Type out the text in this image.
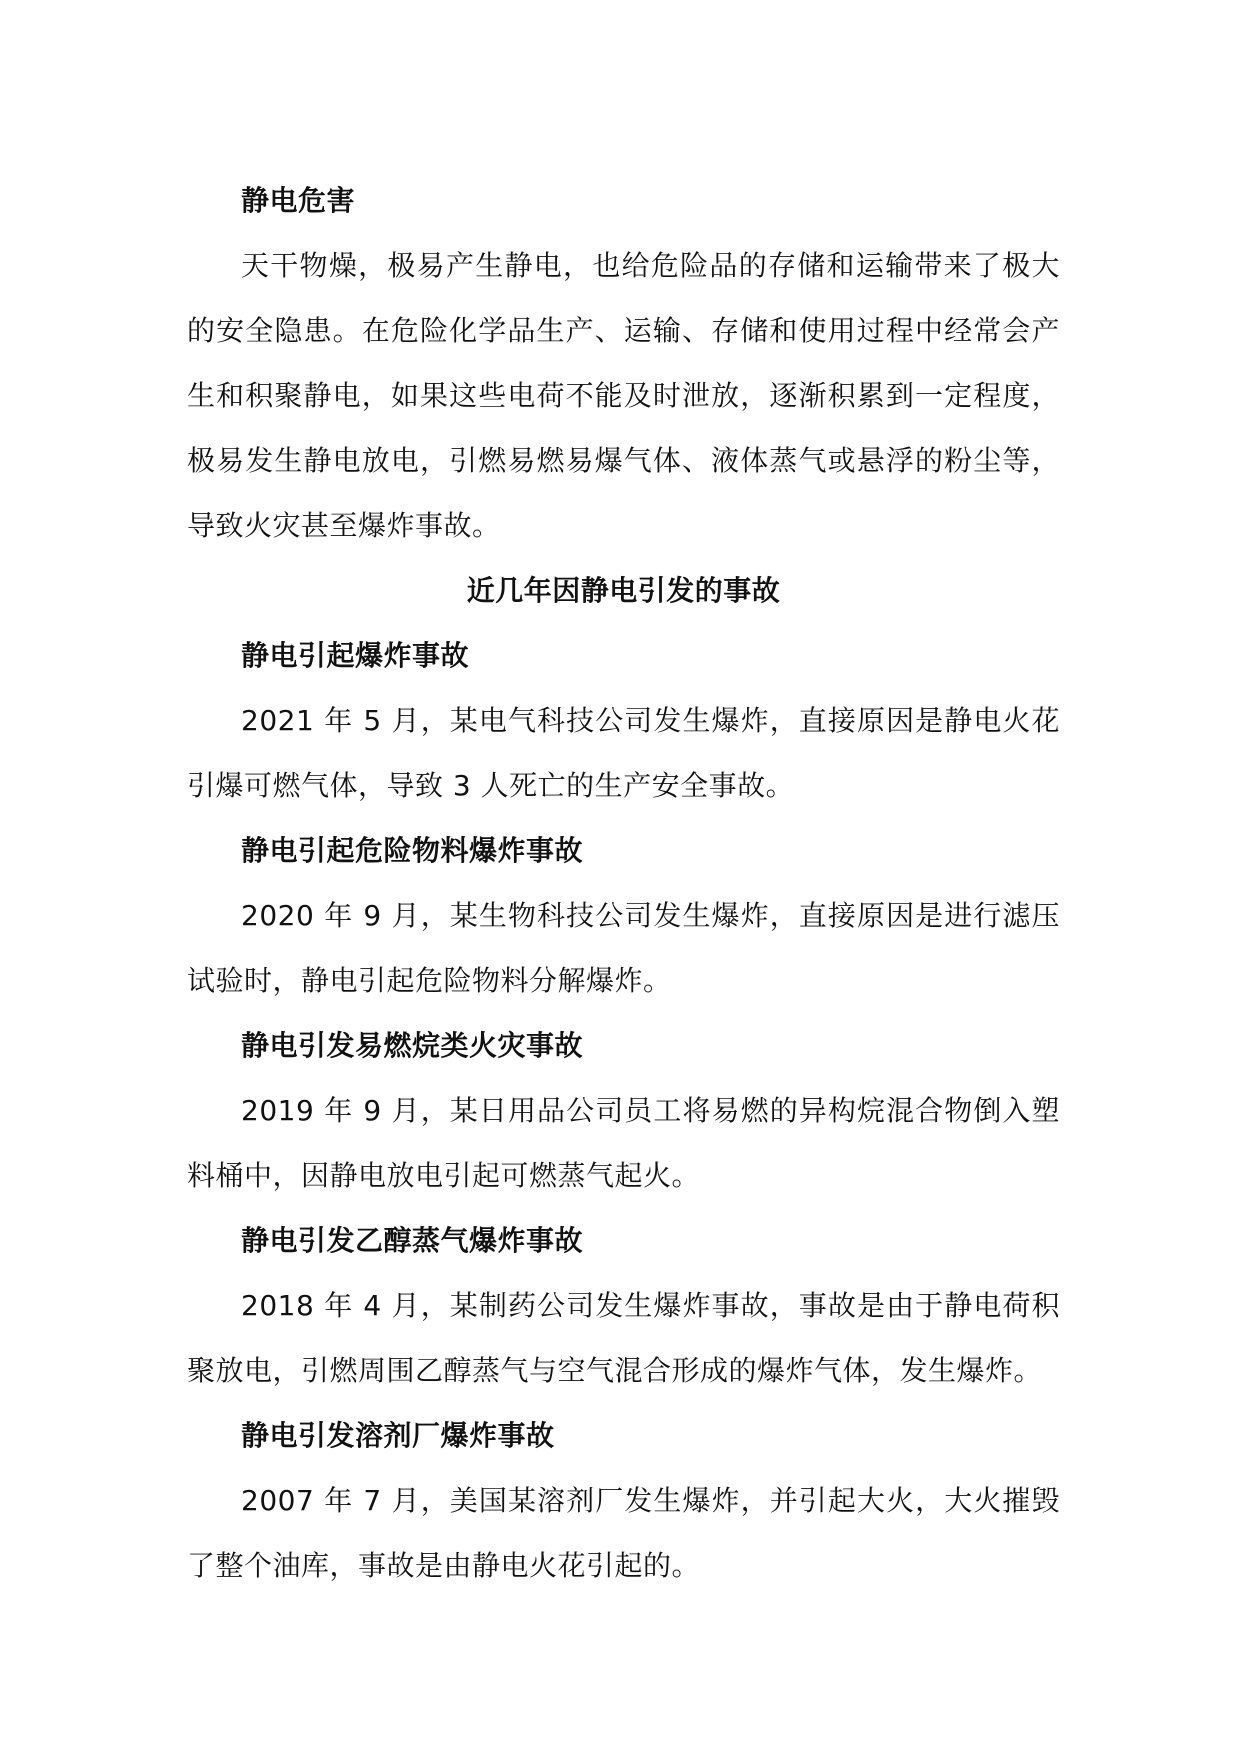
静电危害

天干物燥，极易产生静电，也给危险品的存储和运输带来了极大的安全隐患。在危险化学品生产、运输、存储和使用过程中经常会产生和积聚静电，如果这些电荷不能及时泄放，逐渐积累到一定程度，极易发生静电放电，引燃易燃易爆气体、液体蒸气或悬浮的粉尘等，导致火灾甚至爆炸事故。

近几年因静电引发的事故

静电引起爆炸事故

2021 年 5 月，某电气科技公司发生爆炸，直接原因是静电火花引爆可燃气体，导致 3 人死亡的生产安全事故。

静电引起危险物料爆炸事故

2020 年 9 月，某生物科技公司发生爆炸，直接原因是进行滤压试验时，静电引起危险物料分解爆炸。

静电引发易燃烷类火灾事故

2019 年 9 月，某日用品公司员工将易燃的异构烷混合物倒入塑料桶中，因静电放电引起可燃蒸气起火。

静电引发乙醇蒸气爆炸事故

2018 年 4 月，某制药公司发生爆炸事故，事故是由于静电荷积聚放电，引燃周围乙醇蒸气与空气混合形成的爆炸气体，发生爆炸。

静电引发溶剂厂爆炸事故

2007 年 7 月，美国某溶剂厂发生爆炸，并引起大火，大火摧毁了整个油库，事故是由静电火花引起的。
